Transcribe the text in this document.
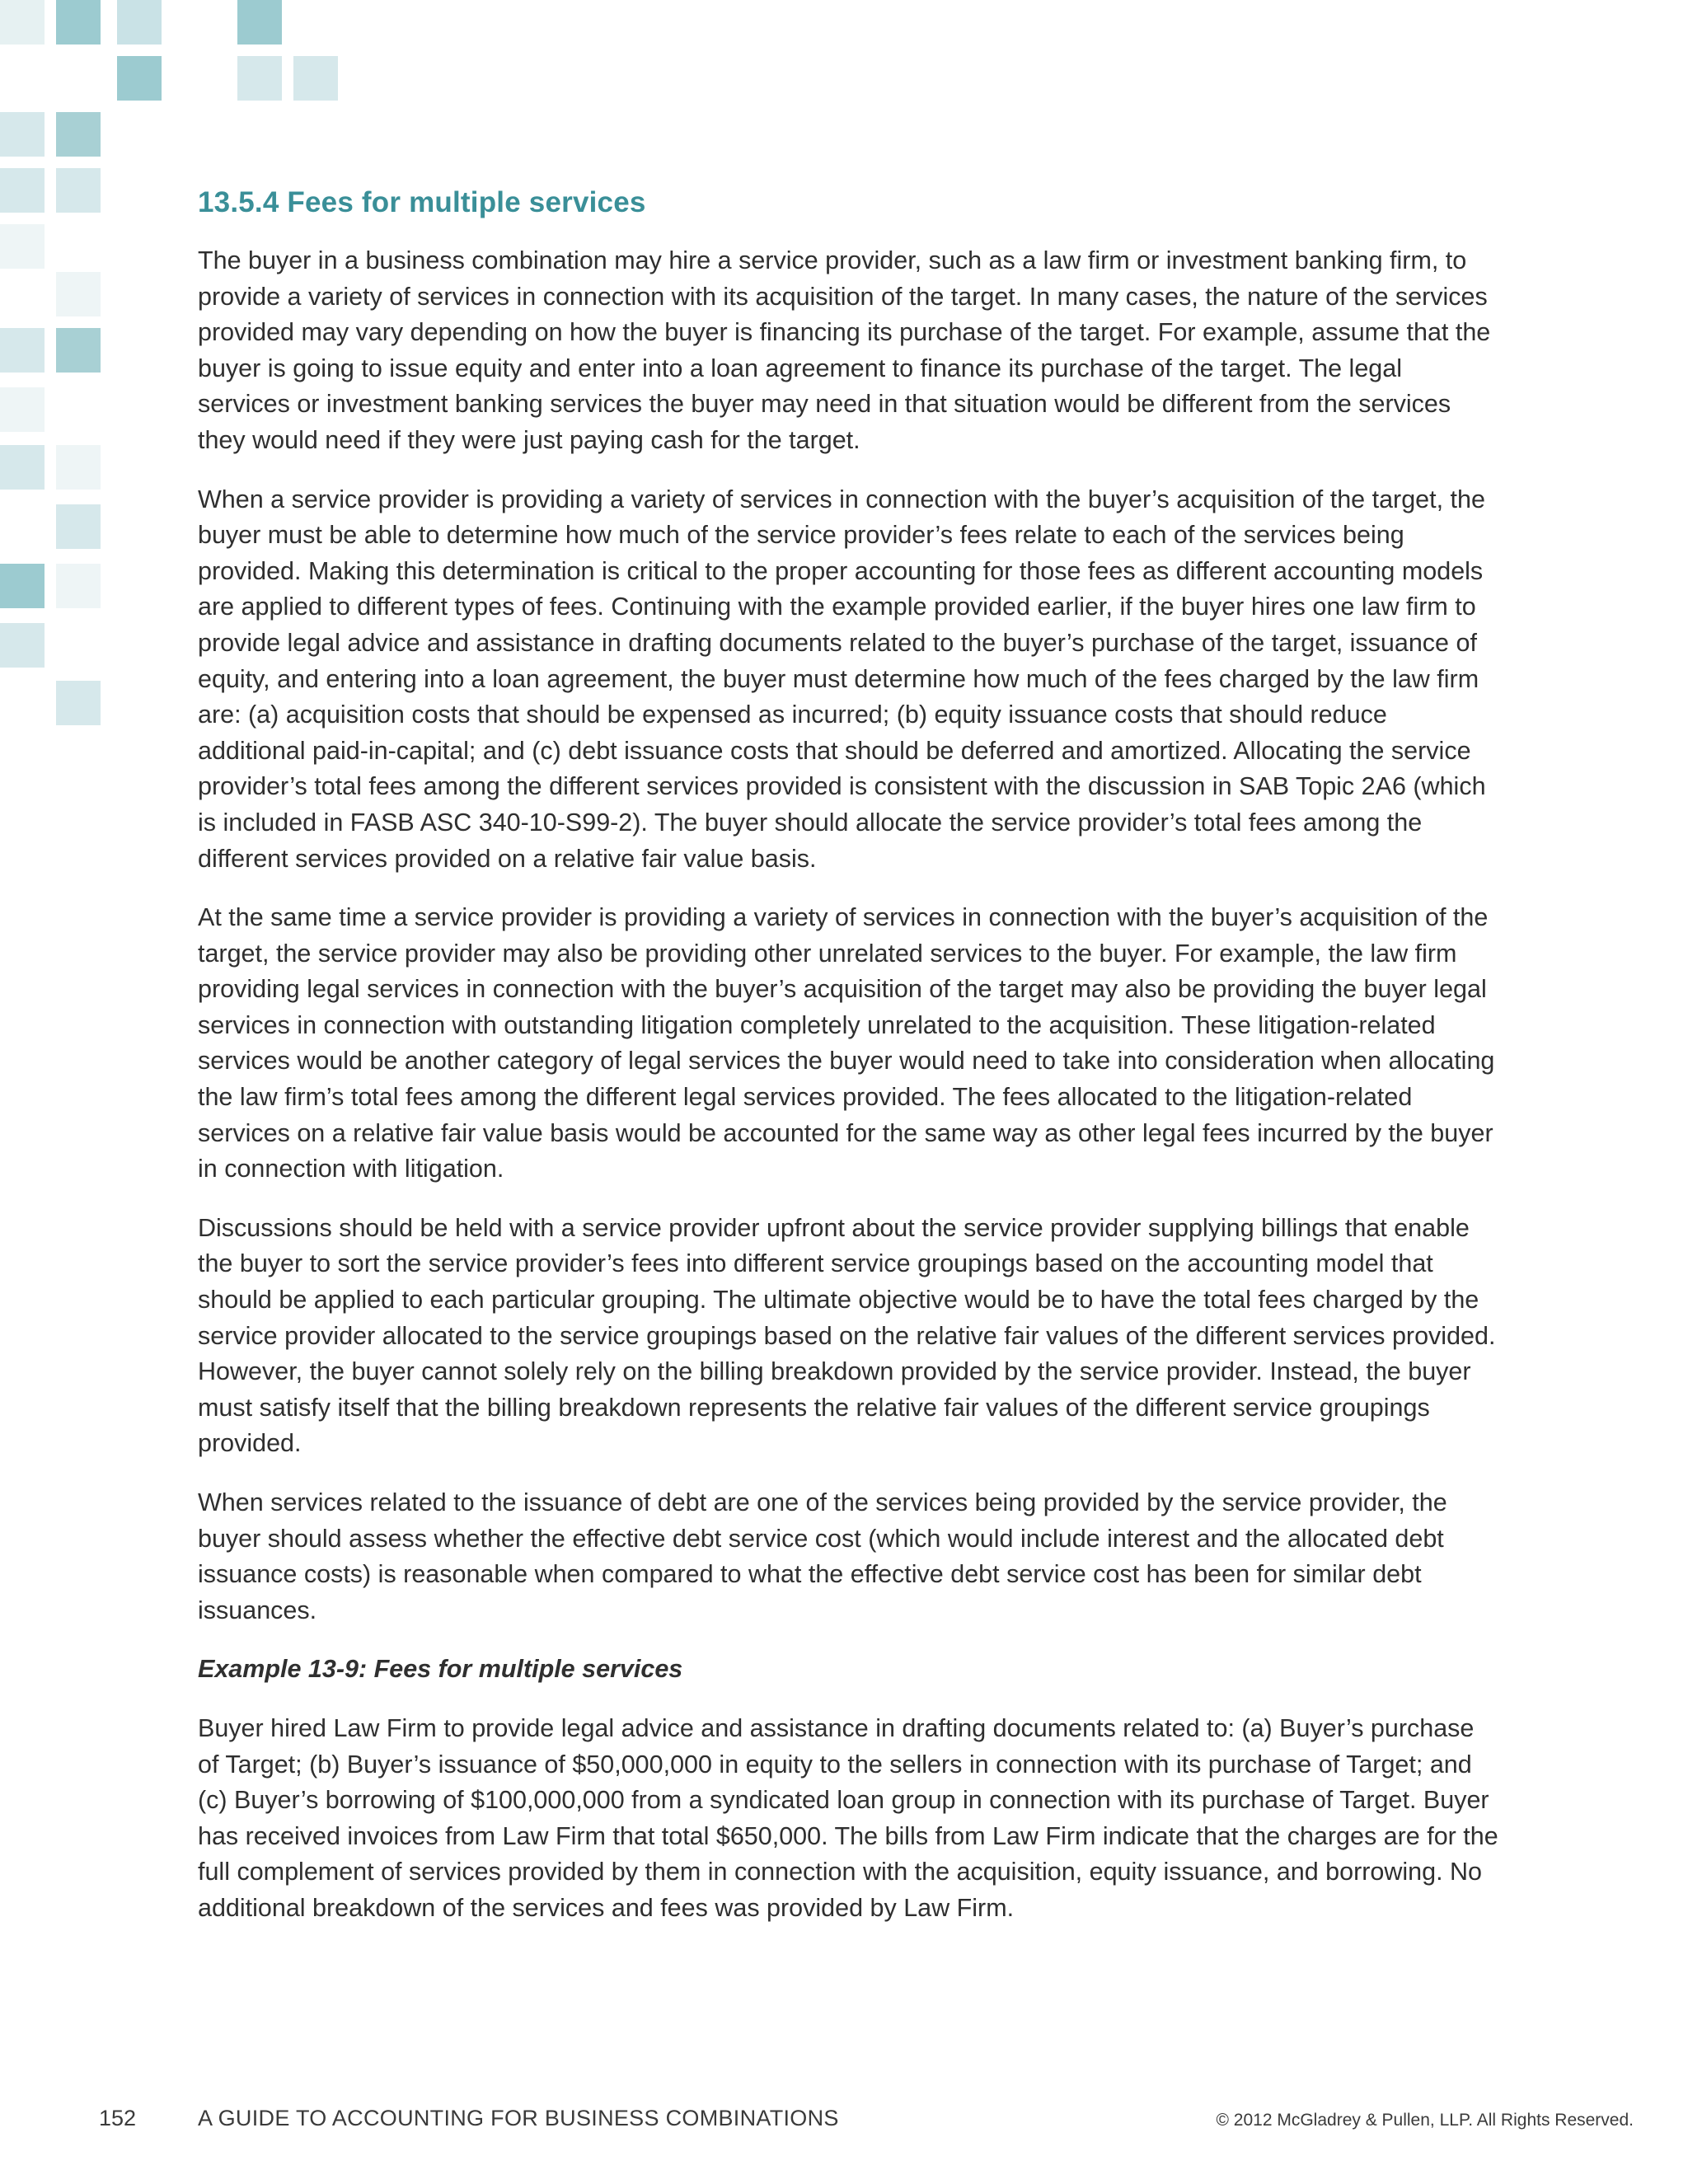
13.5.4 Fees for multiple services

The buyer in a business combination may hire a service provider, such as a law firm or investment banking firm, to provide a variety of services in connection with its acquisition of the target. In many cases, the nature of the services provided may vary depending on how the buyer is financing its purchase of the target. For example, assume that the buyer is going to issue equity and enter into a loan agreement to finance its purchase of the target. The legal services or investment banking services the buyer may need in that situation would be different from the services they would need if they were just paying cash for the target.

When a service provider is providing a variety of services in connection with the buyer’s acquisition of the target, the buyer must be able to determine how much of the service provider’s fees relate to each of the services being provided. Making this determination is critical to the proper accounting for those fees as different accounting models are applied to different types of fees. Continuing with the example provided earlier, if the buyer hires one law firm to provide legal advice and assistance in drafting documents related to the buyer’s purchase of the target, issuance of equity, and entering into a loan agreement, the buyer must determine how much of the fees charged by the law firm are: (a) acquisition costs that should be expensed as incurred; (b) equity issuance costs that should reduce additional paid-in-capital; and (c) debt issuance costs that should be deferred and amortized. Allocating the service provider’s total fees among the different services provided is consistent with the discussion in SAB Topic 2A6 (which is included in FASB ASC 340-10-S99-2). The buyer should allocate the service provider’s total fees among the different services provided on a relative fair value basis.

At the same time a service provider is providing a variety of services in connection with the buyer’s acquisition of the target, the service provider may also be providing other unrelated services to the buyer. For example, the law firm providing legal services in connection with the buyer’s acquisition of the target may also be providing the buyer legal services in connection with outstanding litigation completely unrelated to the acquisition. These litigation-related services would be another category of legal services the buyer would need to take into consideration when allocating the law firm’s total fees among the different legal services provided. The fees allocated to the litigation-related services on a relative fair value basis would be accounted for the same way as other legal fees incurred by the buyer in connection with litigation.

Discussions should be held with a service provider upfront about the service provider supplying billings that enable the buyer to sort the service provider’s fees into different service groupings based on the accounting model that should be applied to each particular grouping. The ultimate objective would be to have the total fees charged by the service provider allocated to the service groupings based on the relative fair values of the different services provided. However, the buyer cannot solely rely on the billing breakdown provided by the service provider. Instead, the buyer must satisfy itself that the billing breakdown represents the relative fair values of the different service groupings provided.

When services related to the issuance of debt are one of the services being provided by the service provider, the buyer should assess whether the effective debt service cost (which would include interest and the allocated debt issuance costs) is reasonable when compared to what the effective debt service cost has been for similar debt issuances.

Example 13-9: Fees for multiple services

Buyer hired Law Firm to provide legal advice and assistance in drafting documents related to: (a) Buyer’s purchase of Target; (b) Buyer’s issuance of $50,000,000 in equity to the sellers in connection with its purchase of Target; and (c) Buyer’s borrowing of $100,000,000 from a syndicated loan group in connection with its purchase of Target. Buyer has received invoices from Law Firm that total $650,000. The bills from Law Firm indicate that the charges are for the full complement of services provided by them in connection with the acquisition, equity issuance, and borrowing. No additional breakdown of the services and fees was provided by Law Firm.

152	A GUIDE TO ACCOUNTING FOR BUSINESS COMBINATIONS	© 2012 McGladrey & Pullen, LLP. All Rights Reserved.
